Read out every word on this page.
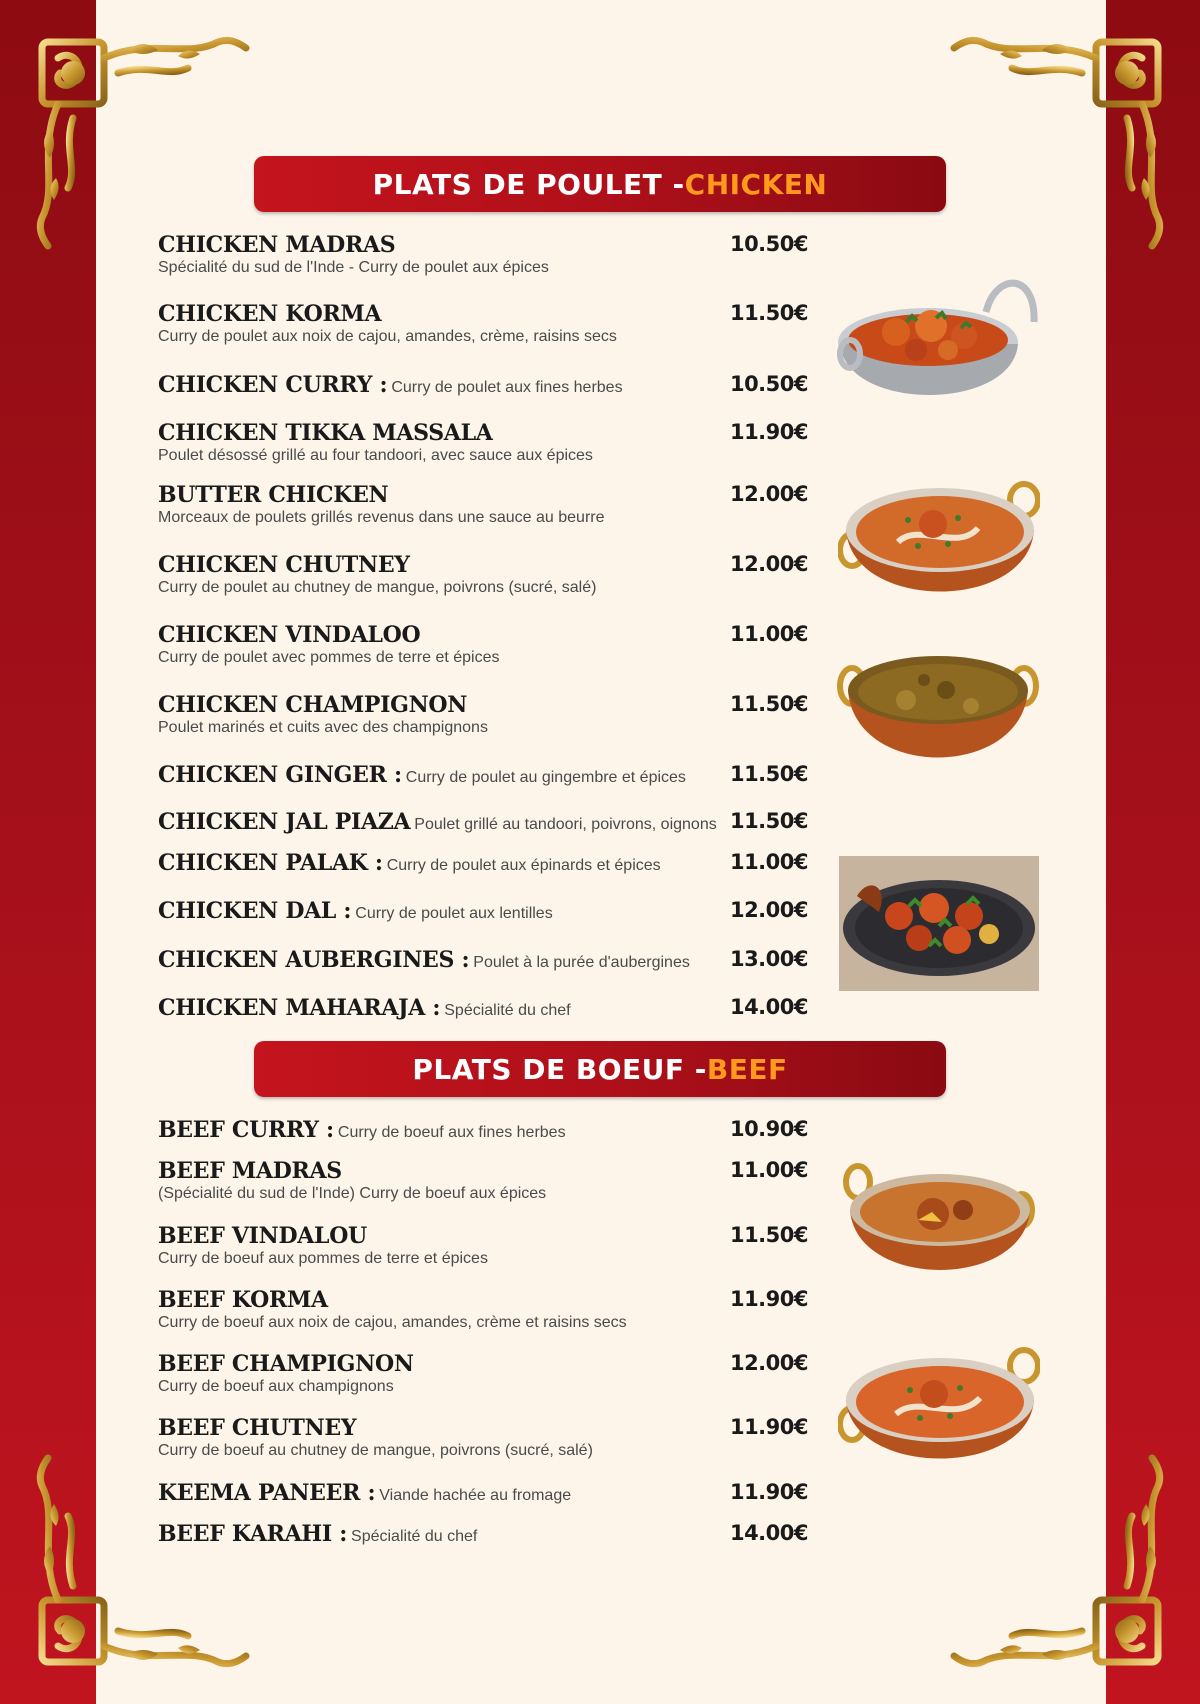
PLATS DE POULET - CHICKEN
PLATS DE BOEUF - BEEF
CHICKEN MADRAS
Spécialité du sud de l'Inde - Curry de poulet aux épices
10.50€
CHICKEN KORMA
Curry de poulet aux noix de cajou, amandes, crème, raisins secs
11.50€
CHICKEN CURRY : Curry de poulet aux fines herbes	10.50€
CHICKEN TIKKA MASSALA
Poulet désossé grillé au four tandoori, avec sauce aux épices
11.90€
BUTTER CHICKEN
Morceaux de poulets grillés revenus dans une sauce au beurre
12.00€
CHICKEN CHUTNEY
Curry de poulet au chutney de mangue, poivrons (sucré, salé)
12.00€
CHICKEN VINDALOO
Curry de poulet avec pommes de terre et épices
11.00€
CHICKEN CHAMPIGNON
Poulet marinés et cuits avec des champignons
11.50€
CHICKEN GINGER : Curry de poulet au gingembre et épices 11.50€
CHICKEN JAL PIAZA Poulet grillé au tandoori, poivrons, oignons 11.50€
CHICKEN PALAK : Curry de poulet aux épinards et épices	11.00€
CHICKEN DAL : Curry de poulet aux lentilles	12.00€
CHICKEN AUBERGINES : Poulet à la purée d'aubergines 13.00€
CHICKEN MAHARAJA : Spécialité du chef	14.00€
BEEF CURRY : Curry de boeuf aux fines herbes	10.90€
BEEF MADRAS
(Spécialité du sud de l'Inde) Curry de boeuf aux épices
11.00€
BEEF VINDALOU
Curry de boeuf aux pommes de terre et épices
11.50€
BEEF KORMA
Curry de boeuf aux noix de cajou, amandes, crème et raisins secs
11.90€
BEEF CHAMPIGNON
Curry de boeuf aux champignons
12.00€
BEEF CHUTNEY
Curry de boeuf au chutney de mangue, poivrons (sucré, salé)
11.90€
KEEMA PANEER : Viande hachée au fromage	11.90€
BEEF KARAHI : Spécialité du chef	14.00€
